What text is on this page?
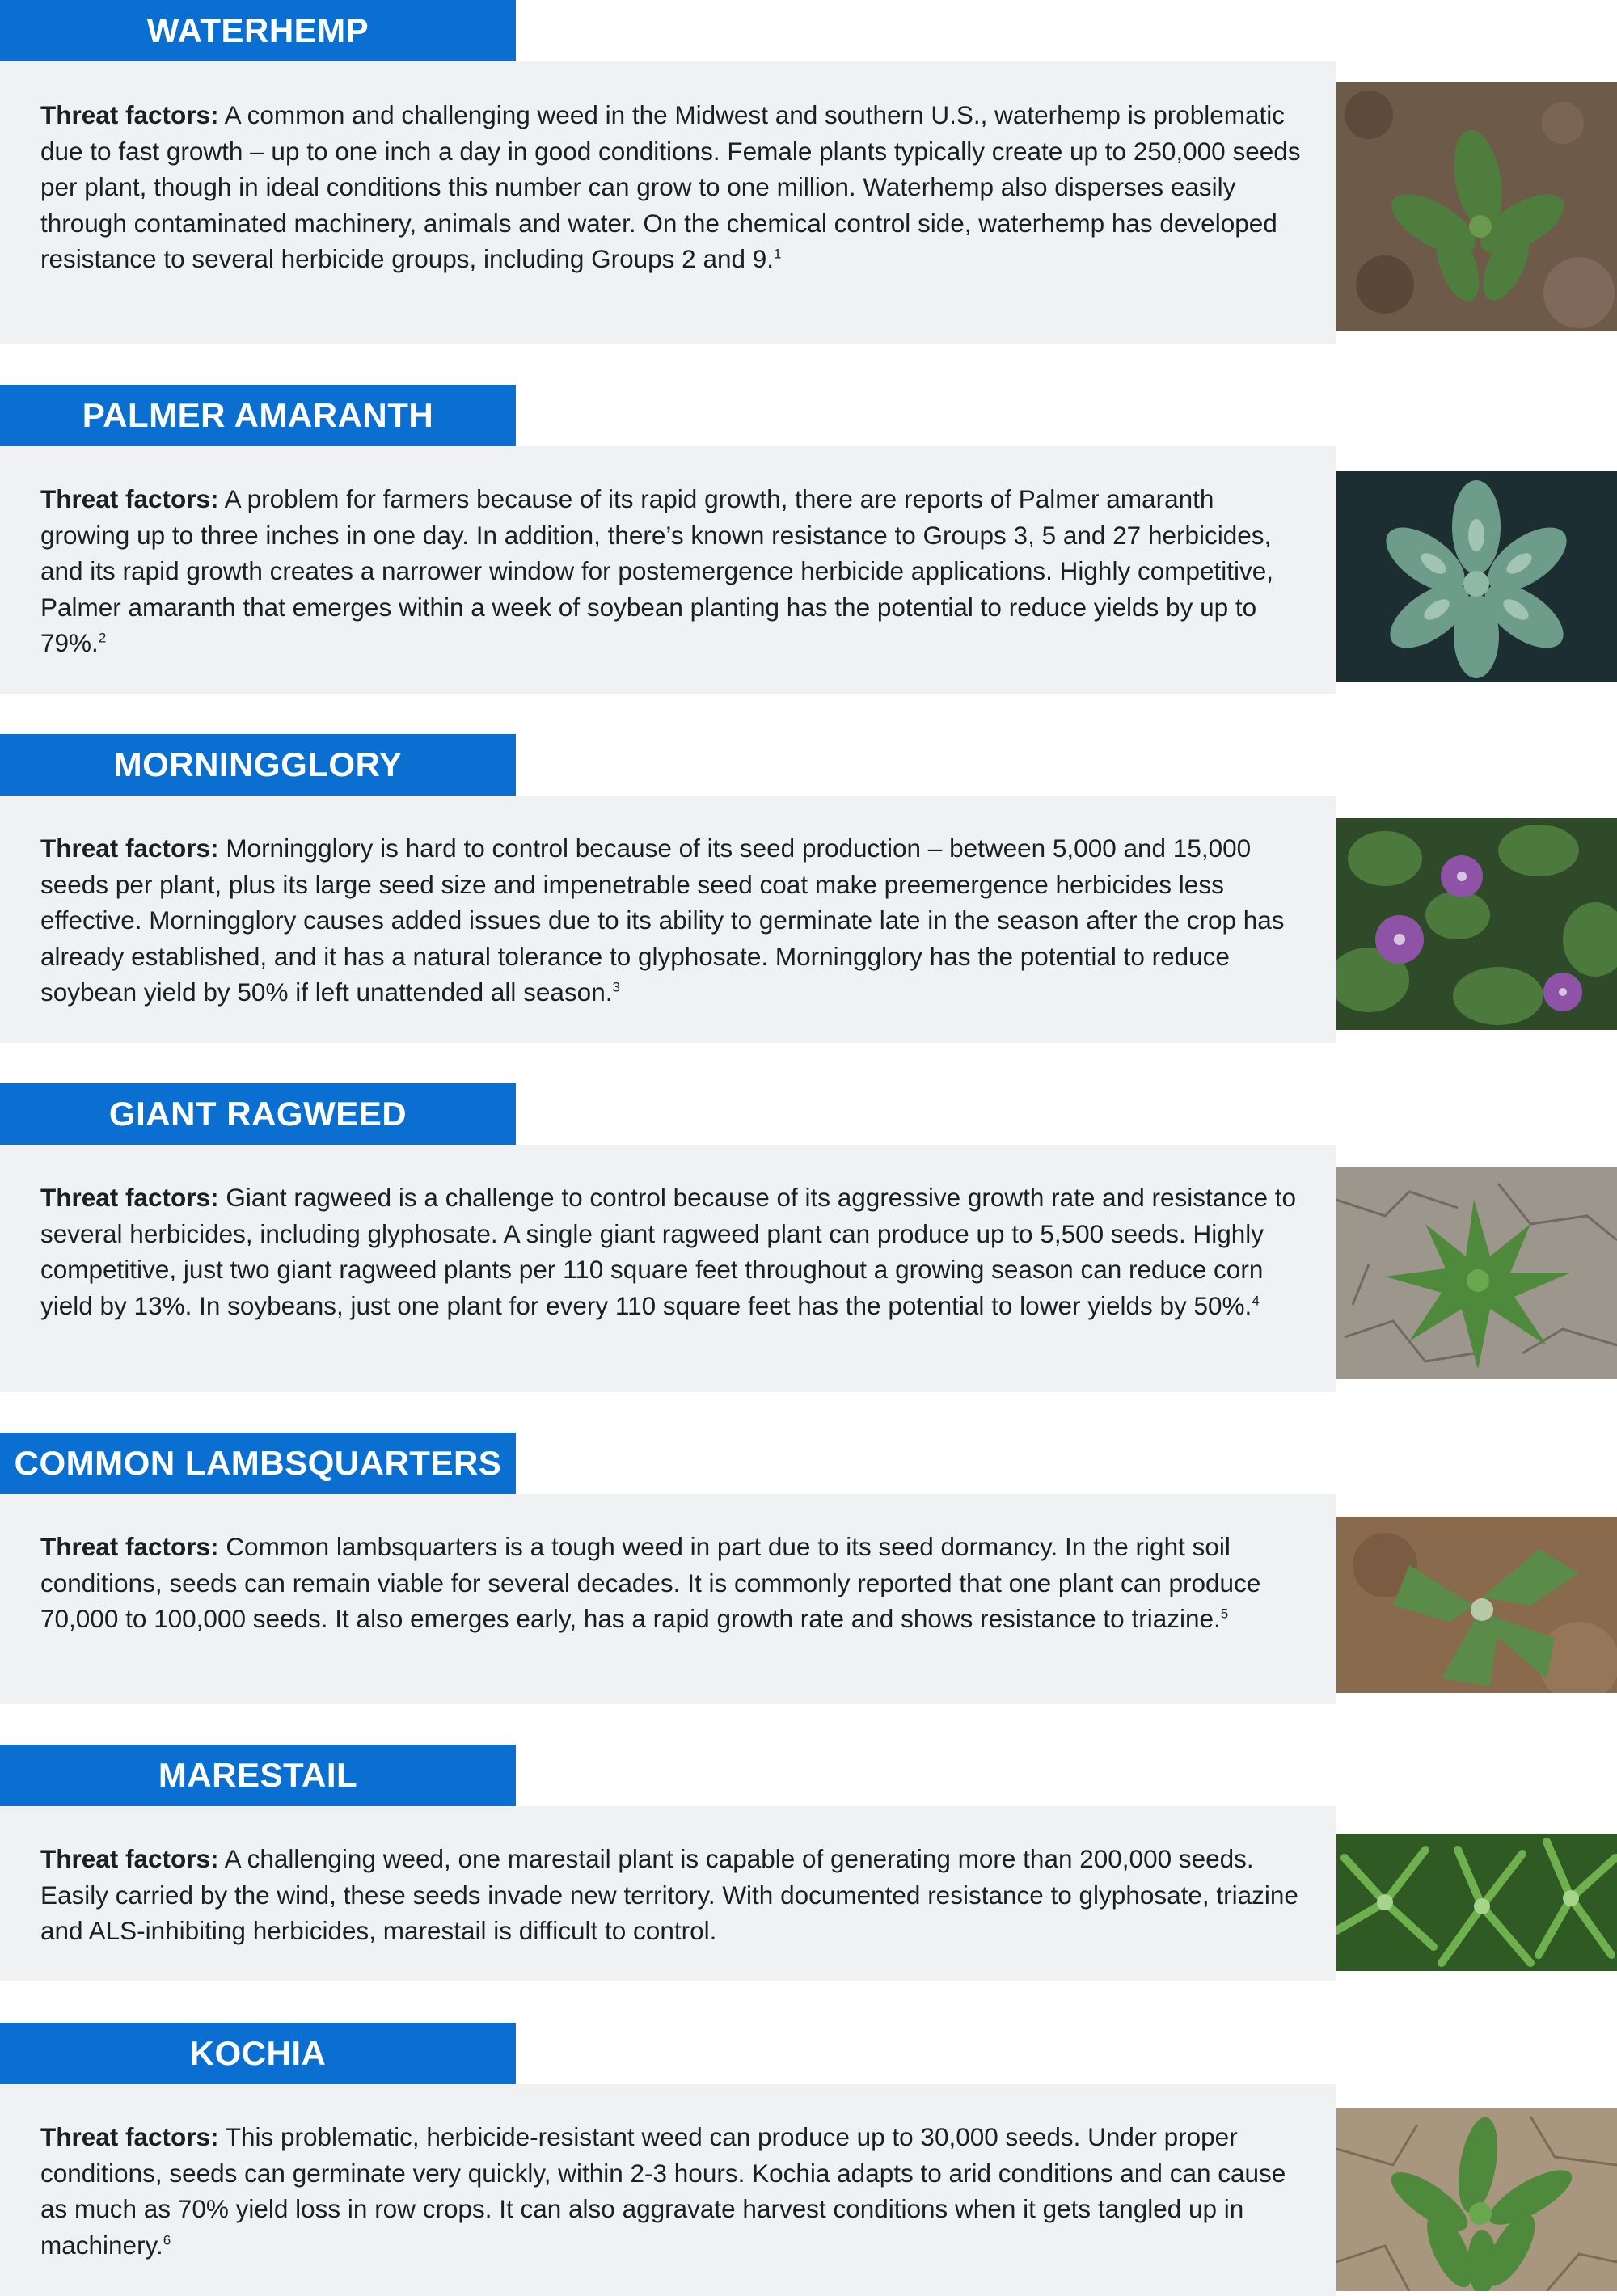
WATERHEMP

Threat factors: A common and challenging weed in the Midwest and southern U.S., waterhemp is problematic due to fast growth – up to one inch a day in good conditions. Female plants typically create up to 250,000 seeds per plant, though in ideal conditions this number can grow to one million. Waterhemp also disperses easily through contaminated machinery, animals and water. On the chemical control side, waterhemp has developed resistance to several herbicide groups, including Groups 2 and 9.$^1$

PALMER AMARANTH

Threat factors: A problem for farmers because of its rapid growth, there are reports of Palmer amaranth growing up to three inches in one day. In addition, there’s known resistance to Groups 3, 5 and 27 herbicides, and its rapid growth creates a narrower window for postemergence herbicide applications. Highly competitive, Palmer amaranth that emerges within a week of soybean planting has the potential to reduce yields by up to 79%.$^2$

MORNINGGLORY

Threat factors: Morningglory is hard to control because of its seed production – between 5,000 and 15,000 seeds per plant, plus its large seed size and impenetrable seed coat make preemergence herbicides less effective. Morningglory causes added issues due to its ability to germinate late in the season after the crop has already established, and it has a natural tolerance to glyphosate. Morningglory has the potential to reduce soybean yield by 50% if left unattended all season.$^3$

GIANT RAGWEED

Threat factors: Giant ragweed is a challenge to control because of its aggressive growth rate and resistance to several herbicides, including glyphosate. A single giant ragweed plant can produce up to 5,500 seeds. Highly competitive, just two giant ragweed plants per 110 square feet throughout a growing season can reduce corn yield by 13%. In soybeans, just one plant for every 110 square feet has the potential to lower yields by 50%.$^4$

COMMON LAMBSQUARTERS

Threat factors: Common lambsquarters is a tough weed in part due to its seed dormancy. In the right soil conditions, seeds can remain viable for several decades. It is commonly reported that one plant can produce 70,000 to 100,000 seeds. It also emerges early, has a rapid growth rate and shows resistance to triazine.$^5$

MARESTAIL

Threat factors: A challenging weed, one marestail plant is capable of generating more than 200,000 seeds. Easily carried by the wind, these seeds invade new territory. With documented resistance to glyphosate, triazine and ALS-inhibiting herbicides, marestail is difficult to control.

KOCHIA

Threat factors: This problematic, herbicide-resistant weed can produce up to 30,000 seeds. Under proper conditions, seeds can germinate very quickly, within 2-3 hours. Kochia adapts to arid conditions and can cause as much as 70% yield loss in row crops. It can also aggravate harvest conditions when it gets tangled up in machinery.$^6$
